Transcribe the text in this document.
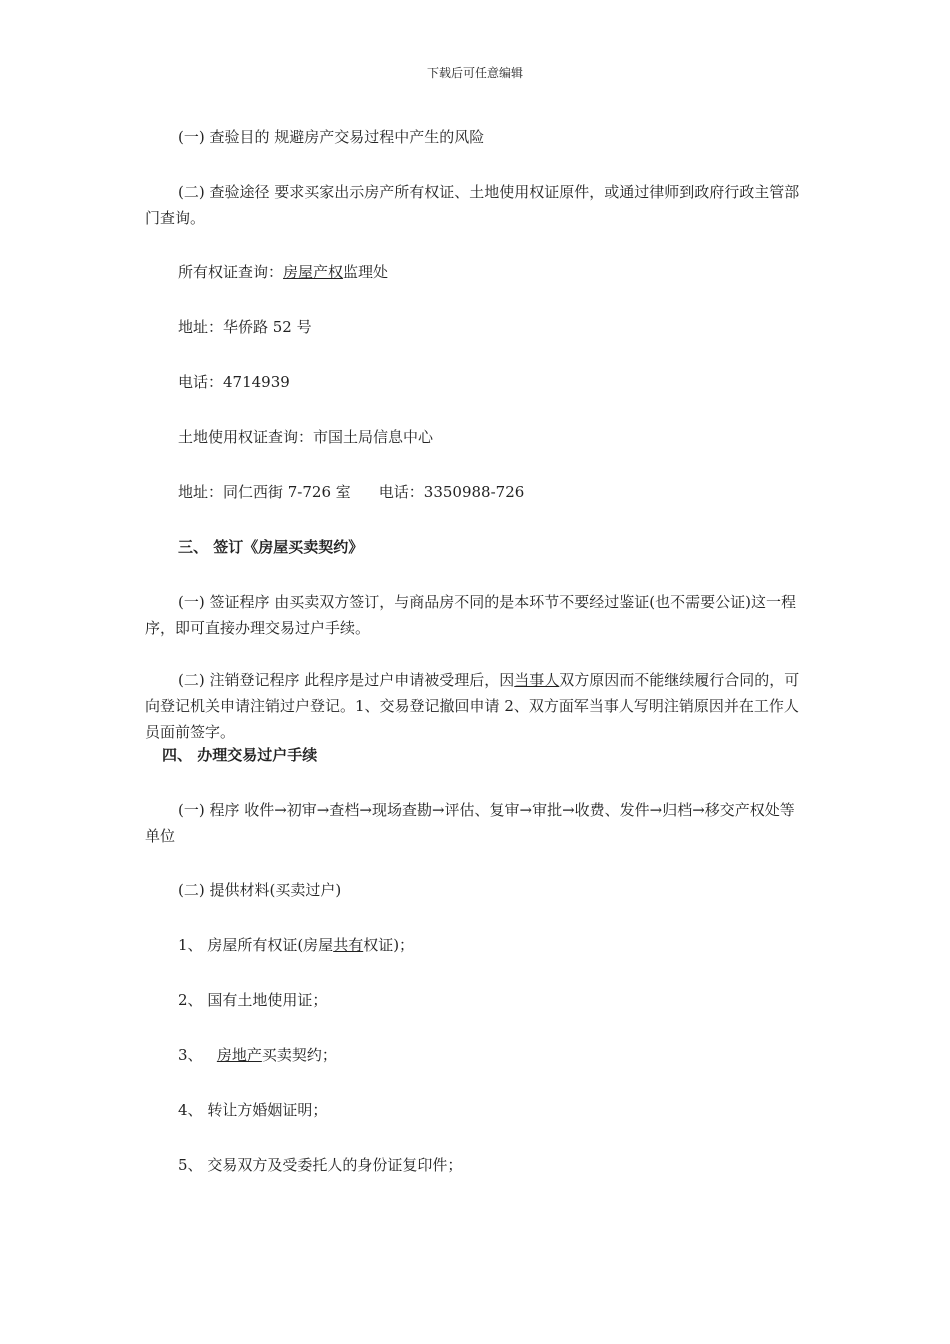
下载后可任意编辑

(一) 查验目的 规避房产交易过程中产生的风险

(二) 查验途径 要求买家出示房产所有权证、土地使用权证原件，或通过律师到政府行政主管部门查询。

所有权证查询：房屋产权监理处

地址：华侨路 52 号

电话：4714939

土地使用权证查询：市国土局信息中心

地址：同仁西街 7-726 室 电话：3350988-726

三、 签订《房屋买卖契约》

(一) 签证程序 由买卖双方签订，与商品房不同的是本环节不要经过鉴证(也不需要公证)这一程序，即可直接办理交易过户手续。

(二) 注销登记程序 此程序是过户申请被受理后，因当事人双方原因而不能继续履行合同的，可向登记机关申请注销过户登记。1、交易登记撤回申请 2、双方面军当事人写明注销原因并在工作人员面前签字。

四、 办理交易过户手续

(一) 程序 收件→初审→查档→现场查勘→评估、复审→审批→收费、发件→归档→移交产权处等单位

(二) 提供材料(买卖过户)

1、 房屋所有权证(房屋共有权证)；

2、 国有土地使用证；

3、 房地产买卖契约；

4、 转让方婚姻证明；

5、 交易双方及受委托人的身份证复印件；
